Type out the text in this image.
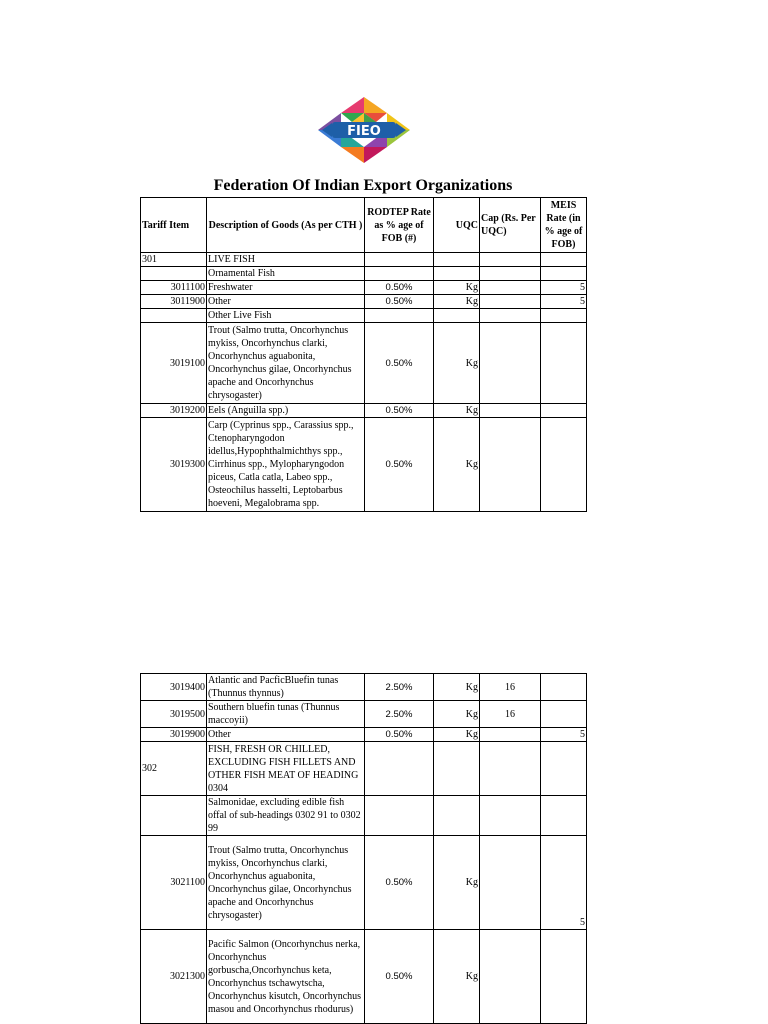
FIEO
Federation Of Indian Export Organizations
Tariff Item	Description of Goods (As per CTH )	RODTEP Rate as % age of FOB (#)	UQC	Cap (Rs. Per UQC)	MEIS Rate (in % age of FOB)
301	LIVE FISH				
	Ornamental Fish				
3011100	Freshwater	0.50%	Kg		5
3011900	Other	0.50%	Kg		5
	Other Live Fish				
3019100	Trout (Salmo trutta, Oncorhynchus mykiss, Oncorhynchus clarki, Oncorhynchus aguabonita, Oncorhynchus gilae, Oncorhynchus apache and Oncorhynchus chrysogaster)	0.50%	Kg		
3019200	Eels (Anguilla spp.)	0.50%	Kg		
3019300	Carp (Cyprinus spp., Carassius spp., Ctenopharyngodon idellus,Hypophthalmichthys spp., Cirrhinus spp., Mylopharyngodon piceus, Catla catla, Labeo spp., Osteochilus hasselti, Leptobarbus hoeveni, Megalobrama spp.	0.50%	Kg		
3019400	Atlantic and PacficBluefin tunas (Thunnus thynnus)	2.50%	Kg	16	
3019500	Southern bluefin tunas (Thunnus maccoyii)	2.50%	Kg	16	
3019900	Other	0.50%	Kg		5
302	FISH, FRESH OR CHILLED, EXCLUDING FISH FILLETS AND OTHER FISH MEAT OF HEADING 0304				
	Salmonidae, excluding edible fish offal of sub-headings 0302 91 to 0302 99				
3021100	Trout (Salmo trutta, Oncorhynchus mykiss, Oncorhynchus clarki, Oncorhynchus aguabonita, Oncorhynchus gilae, Oncorhynchus apache and Oncorhynchus chrysogaster)	0.50%	Kg		5
3021300	Pacific Salmon (Oncorhynchus nerka, Oncorhynchus gorbuscha,Oncorhynchus keta, Oncorhynchus tschawytscha, Oncorhynchus kisutch, Oncorhynchus masou and Oncorhynchus rhodurus)	0.50%	Kg		
